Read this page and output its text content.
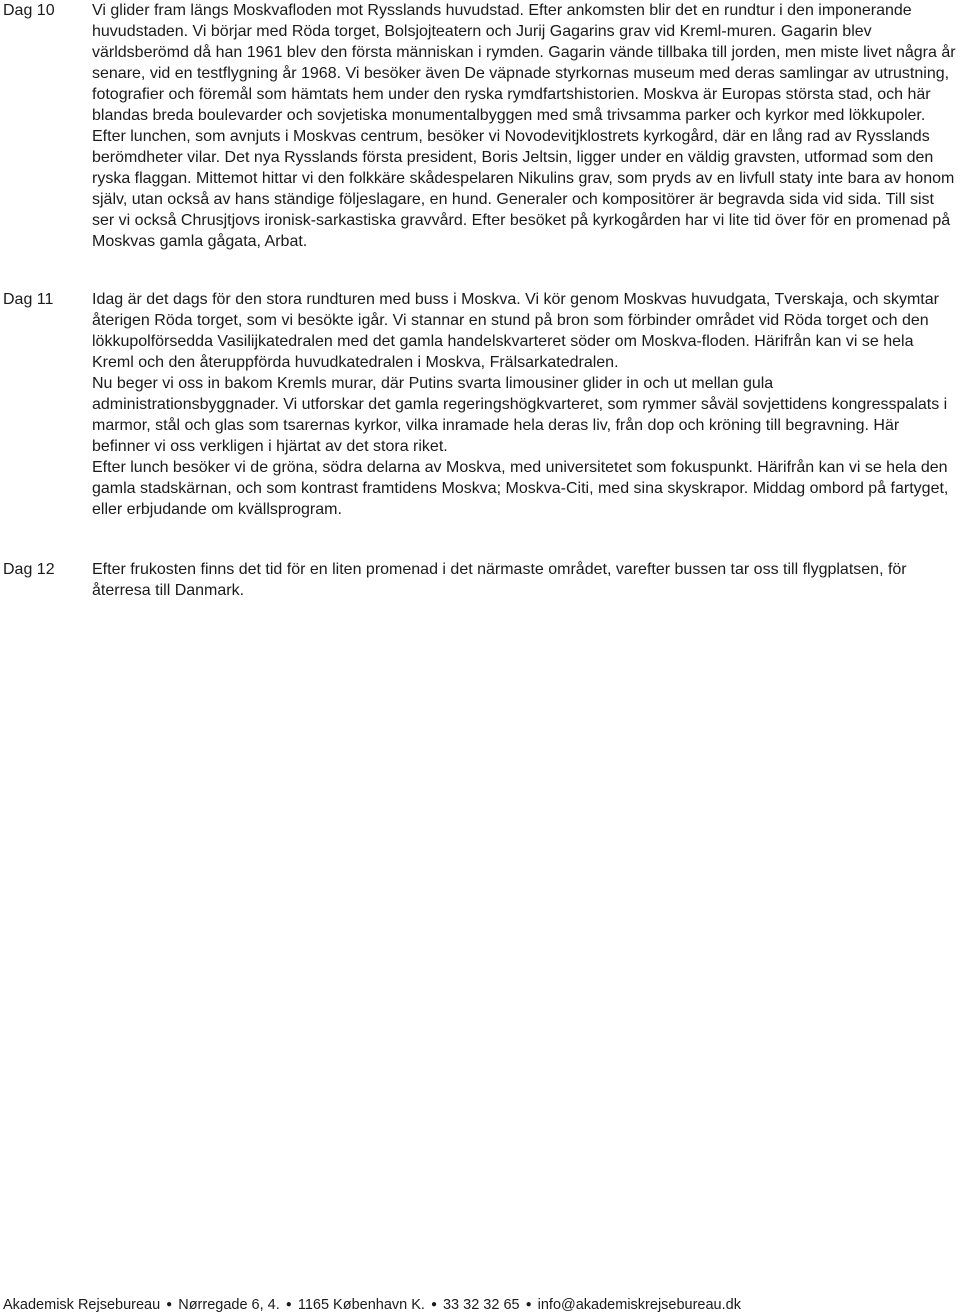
Dag 10 Vi glider fram längs Moskvafloden mot Rysslands huvudstad. Efter ankomsten blir det en rundtur i den imponerande huvudstaden. Vi börjar med Röda torget, Bolsjojteatern och Jurij Gagarins grav vid Kreml-muren. Gagarin blev världsberömd då han 1961 blev den första människan i rymden. Gagarin vände tillbaka till jorden, men miste livet några år senare, vid en testflygning år 1968. Vi besöker även De väpnade styrkornas museum med deras samlingar av utrustning, fotografier och föremål som hämtats hem under den ryska rymdfartshistorien. Moskva är Europas största stad, och här blandas breda boulevarder och sovjetiska monumentalbyggen med små trivsamma parker och kyrkor med lökkupoler. Efter lunchen, som avnjuts i Moskvas centrum, besöker vi Novodevitjklostrets kyrkogård, där en lång rad av Rysslands berömdheter vilar. Det nya Rysslands första president, Boris Jeltsin, ligger under en väldig gravsten, utformad som den ryska flaggan. Mittemot hittar vi den folkkäre skådespelaren Nikulins grav, som pryds av en livfull staty inte bara av honom själv, utan också av hans ständige följeslagare, en hund. Generaler och kompositörer är begravda sida vid sida. Till sist ser vi också Chrusjtjovs ironisk-sarkastiska gravvård. Efter besöket på kyrkogården har vi lite tid över för en promenad på Moskvas gamla gågata, Arbat.

Dag 11 Idag är det dags för den stora rundturen med buss i Moskva. Vi kör genom Moskvas huvudgata, Tverskaja, och skymtar återigen Röda torget, som vi besökte igår. Vi stannar en stund på bron som förbinder området vid Röda torget och den lökkupolförsedda Vasilijkatedralen med det gamla handelskvarteret söder om Moskva-floden. Härifrån kan vi se hela Kreml och den återuppförda huvudkatedralen i Moskva, Frälsarkatedralen.

Nu beger vi oss in bakom Kremls murar, där Putins svarta limousiner glider in och ut mellan gula administrationsbyggnader. Vi utforskar det gamla regeringshögkvarteret, som rymmer såväl sovjettidens kongresspalats i marmor, stål och glas som tsarernas kyrkor, vilka inramade hela deras liv, från dop och kröning till begravning. Här befinner vi oss verkligen i hjärtat av det stora riket.

Efter lunch besöker vi de gröna, södra delarna av Moskva, med universitetet som fokuspunkt. Härifrån kan vi se hela den gamla stadskärnan, och som kontrast framtidens Moskva; Moskva-Citi, med sina skyskrapor. Middag ombord på fartyget, eller erbjudande om kvällsprogram.

Dag 12 Efter frukosten finns det tid för en liten promenad i det närmaste området, varefter bussen tar oss till flygplatsen, för återresa till Danmark.

Akademisk Rejsebureau ● Nørregade 6, 4. ● 1165 København K. ● 33 32 32 65 ● info@akademiskrejsebureau.dk
